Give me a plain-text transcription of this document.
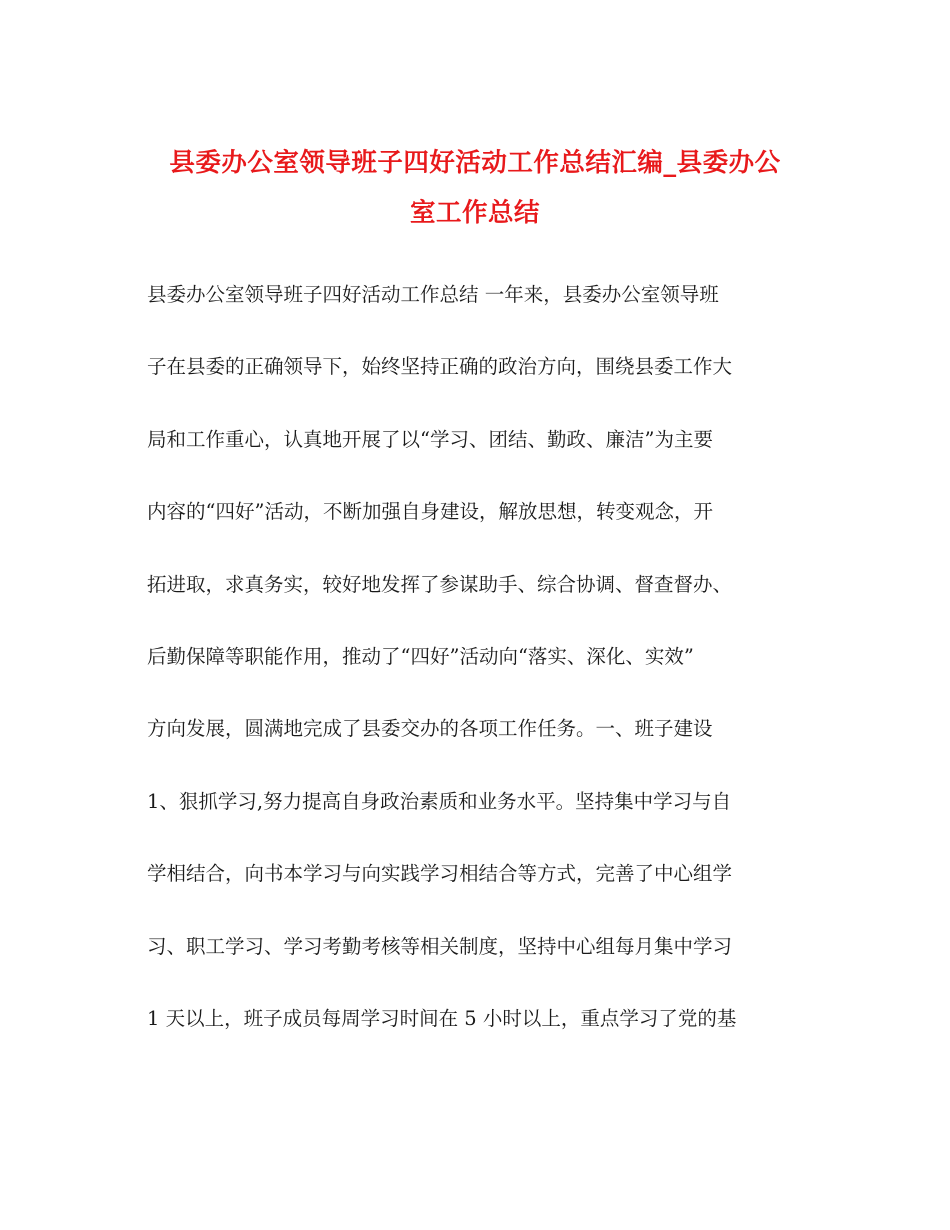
县委办公室领导班子四好活动工作总结汇编_县委办公
室工作总结
县委办公室领导班子四好活动工作总结 一年来，县委办公室领导班
子在县委的正确领导下，始终坚持正确的政治方向，围绕县委工作大
局和工作重心，认真地开展了以“学习、团结、勤政、廉洁”为主要
内容的“四好”活动，不断加强自身建设，解放思想，转变观念，开
拓进取，求真务实，较好地发挥了参谋助手、综合协调、督查督办、
后勤保障等职能作用，推动了“四好”活动向“落实、深化、实效”
方向发展，圆满地完成了县委交办的各项工作任务。一、班子建设
1、狠抓学习,努力提高自身政治素质和业务水平。坚持集中学习与自
学相结合，向书本学习与向实践学习相结合等方式，完善了中心组学
习、职工学习、学习考勤考核等相关制度，坚持中心组每月集中学习
1 天以上，班子成员每周学习时间在 5 小时以上，重点学习了党的基
